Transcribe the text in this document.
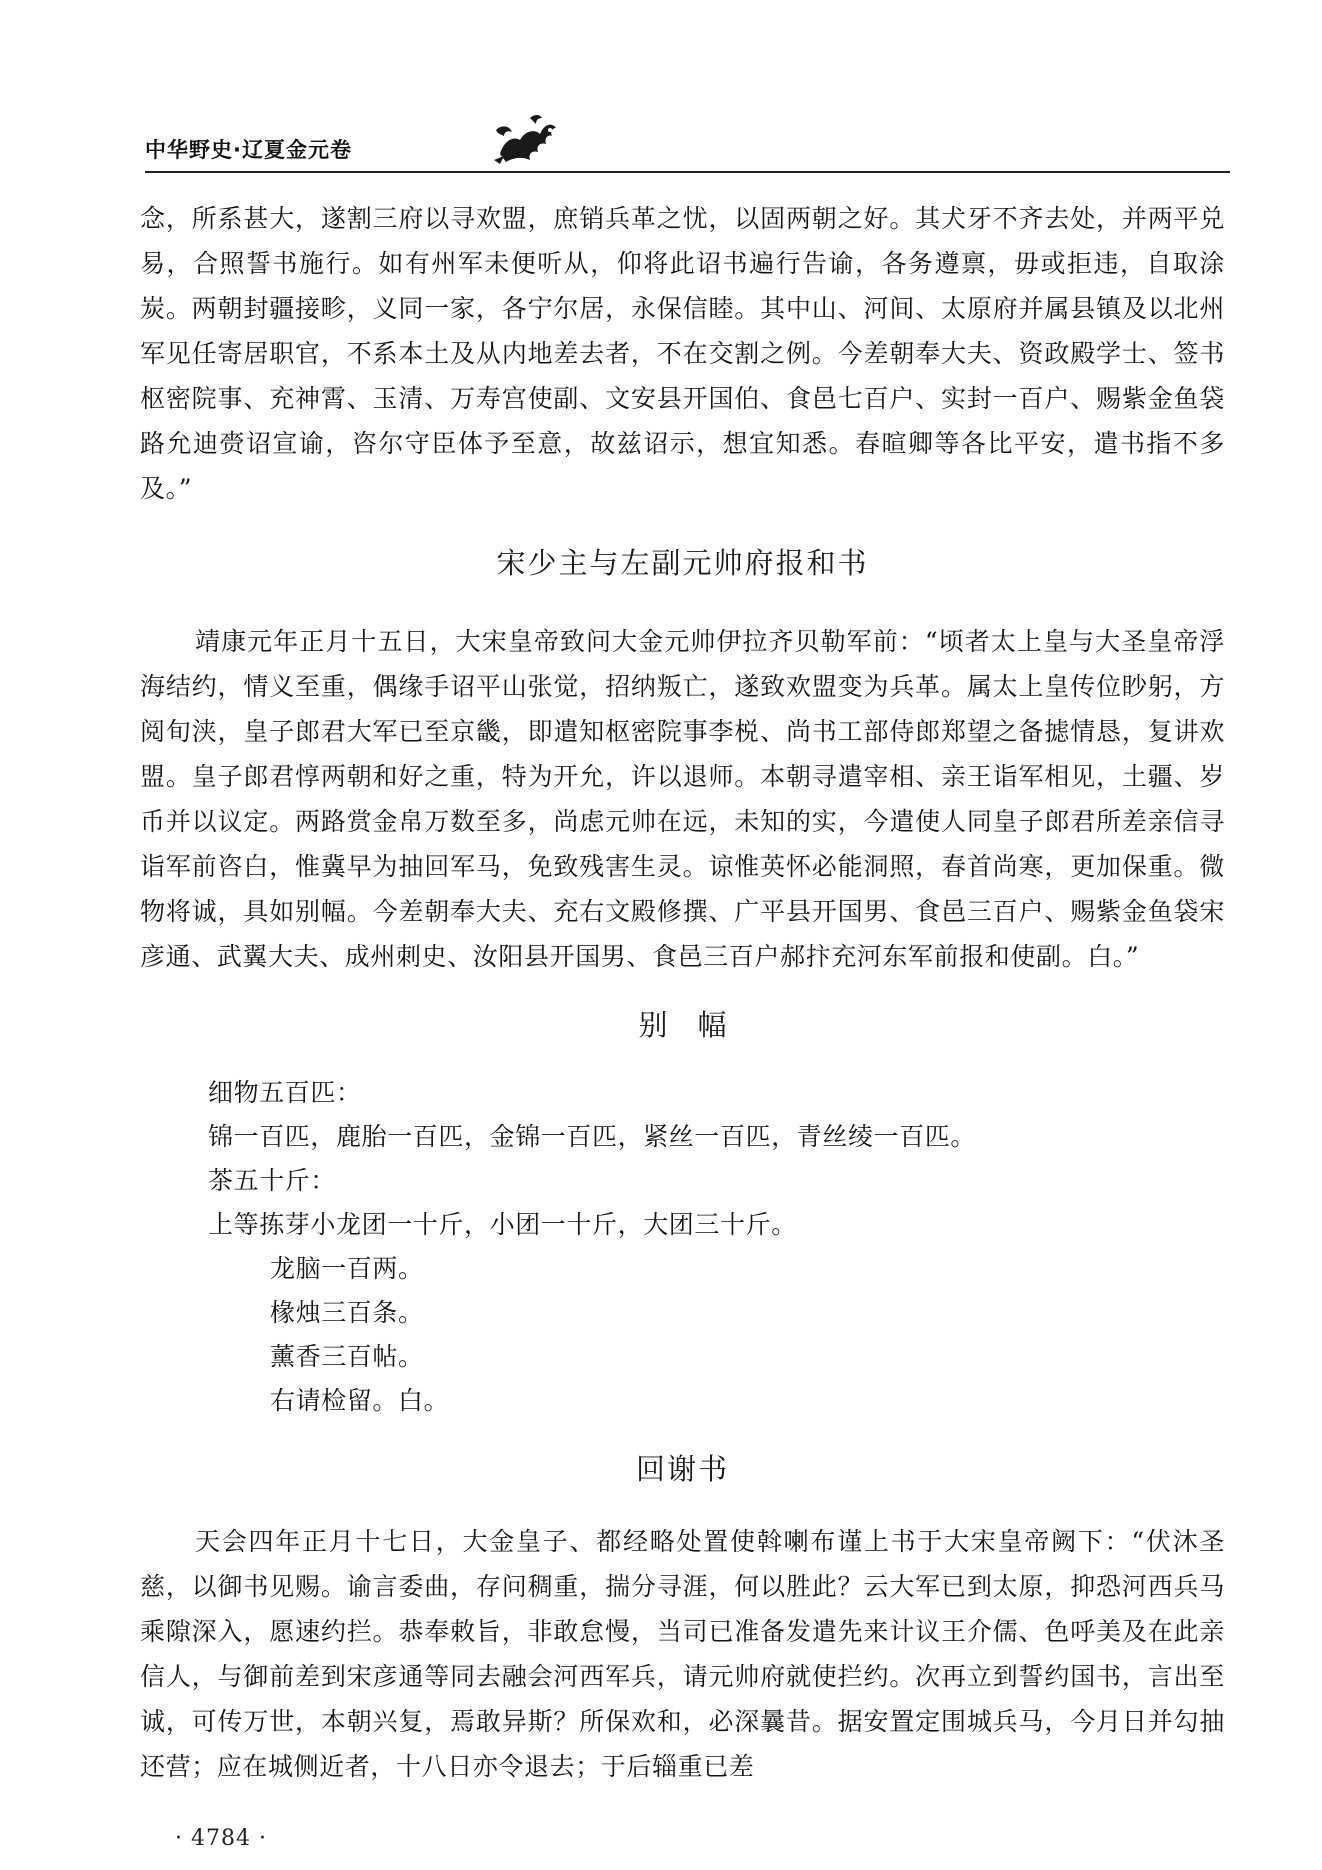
中华野史·辽夏金元卷

念，所系甚大，遂割三府以寻欢盟，庶销兵革之忧，以固两朝之好。其犬牙不齐去处，并两平兑易，合照誓书施行。如有州军未便听从，仰将此诏书遍行告谕，各务遵禀，毋或拒违，自取涂炭。两朝封疆接畛，义同一家，各宁尔居，永保信睦。其中山、河间、太原府并属县镇及以北州军见任寄居职官，不系本土及从内地差去者，不在交割之例。今差朝奉大夫、资政殿学士、签书枢密院事、充神霄、玉清、万寿宫使副、文安县开国伯、食邑七百户、实封一百户、赐紫金鱼袋路允迪赍诏宣谕，咨尔守臣体予至意，故兹诏示，想宜知悉。春暄卿等各比平安，遣书指不多及。”

宋少主与左副元帅府报和书

靖康元年正月十五日，大宋皇帝致问大金元帅伊拉齐贝勒军前：“顷者太上皇与大圣皇帝浮海结约，情义至重，偶缘手诏平山张觉，招纳叛亡，遂致欢盟变为兵革。属太上皇传位眇躬，方阅旬浃，皇子郎君大军已至京畿，即遣知枢密院事李棁、尚书工部侍郎郑望之备摅情恳，复讲欢盟。皇子郎君惇两朝和好之重，特为开允，许以退师。本朝寻遣宰相、亲王诣军相见，土疆、岁币并以议定。两路赏金帛万数至多，尚虑元帅在远，未知的实，今遣使人同皇子郎君所差亲信寻诣军前咨白，惟冀早为抽回军马，免致残害生灵。谅惟英怀必能洞照，春首尚寒，更加保重。微物将诚，具如别幅。今差朝奉大夫、充右文殿修撰、广平县开国男、食邑三百户、赐紫金鱼袋宋彦通、武翼大夫、成州刺史、汝阳县开国男、食邑三百户郝抃充河东军前报和使副。白。”

别幅
细物五百匹：
锦一百匹，鹿胎一百匹，金锦一百匹，紧丝一百匹，青丝绫一百匹。
茶五十斤：
上等拣芽小龙团一十斤，小团一十斤，大团三十斤。
龙脑一百两。
椽烛三百条。
薰香三百帖。
右请检留。白。
回谢书

天会四年正月十七日，大金皇子、都经略处置使斡喇布谨上书于大宋皇帝阙下：“伏沐圣慈，以御书见赐。谕言委曲，存问稠重，揣分寻涯，何以胜此？云大军已到太原，抑恐河西兵马乘隙深入，愿速约拦。恭奉敕旨，非敢怠慢，当司已准备发遣先来计议王介儒、色呼美及在此亲信人，与御前差到宋彦通等同去融会河西军兵，请元帅府就使拦约。次再立到誓约国书，言出至诚，可传万世，本朝兴复，焉敢异斯？所保欢和，必深曩昔。据安置定围城兵马，今月日并勾抽还营；应在城侧近者，十八日亦令退去；于后辎重已差

· 4784 ·
